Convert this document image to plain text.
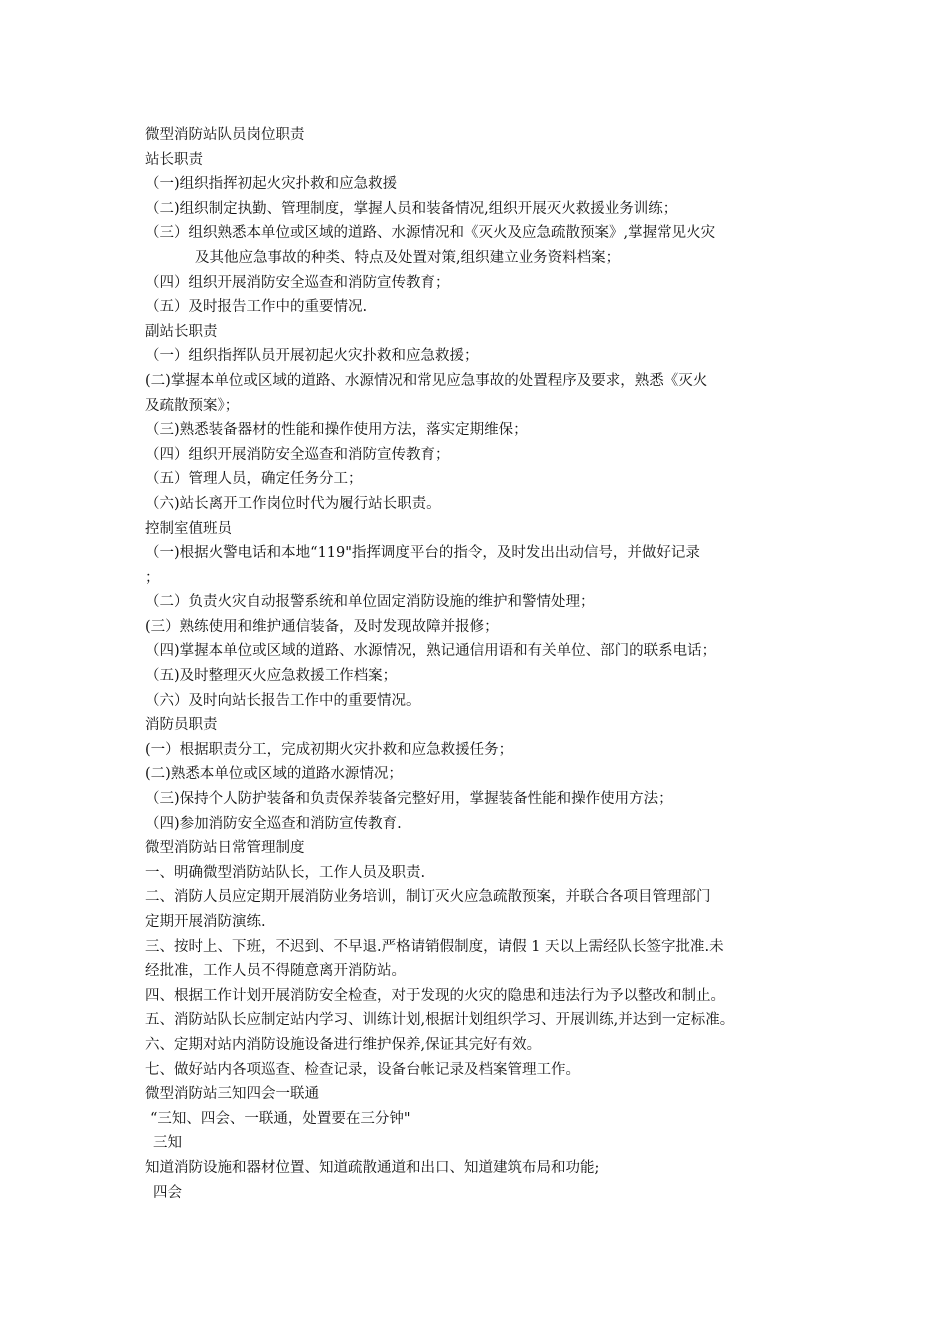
微型消防站队员岗位职责
站长职责
（一)组织指挥初起火灾扑救和应急救援
（二)组织制定执勤、管理制度，掌握人员和装备情况,组织开展灭火救援业务训练；
（三）组织熟悉本单位或区域的道路、水源情况和《灭火及应急疏散预案》,掌握常见火灾
及其他应急事故的种类、特点及处置对策,组织建立业务资料档案；
（四）组织开展消防安全巡查和消防宣传教育；
（五）及时报告工作中的重要情况.
副站长职责
（一）组织指挥队员开展初起火灾扑救和应急救援；
(二)掌握本单位或区域的道路、水源情况和常见应急事故的处置程序及要求，熟悉《灭火
及疏散预案》；
（三)熟悉装备器材的性能和操作使用方法，落实定期维保；
（四）组织开展消防安全巡查和消防宣传教育；
（五）管理人员，确定任务分工；
（六)站长离开工作岗位时代为履行站长职责。
控制室值班员
（一)根据火警电话和本地“119"指挥调度平台的指令，及时发出出动信号，并做好记录
；
（二）负责火灾自动报警系统和单位固定消防设施的维护和警情处理；
(三）熟练使用和维护通信装备，及时发现故障并报修；
（四)掌握本单位或区域的道路、水源情况，熟记通信用语和有关单位、部门的联系电话；
（五)及时整理灭火应急救援工作档案；
（六）及时向站长报告工作中的重要情况。
消防员职责
(一）根据职责分工，完成初期火灾扑救和应急救援任务；
(二)熟悉本单位或区域的道路水源情况；
（三)保持个人防护装备和负责保养装备完整好用，掌握装备性能和操作使用方法；
（四)参加消防安全巡查和消防宣传教育.
微型消防站日常管理制度
一、明确微型消防站队长，工作人员及职责.
二、消防人员应定期开展消防业务培训，制订灭火应急疏散预案，并联合各项目管理部门
定期开展消防演练.
三、按时上、下班，不迟到、不早退.严格请销假制度，请假 1 天以上需经队长签字批准.未
经批准，工作人员不得随意离开消防站。
四、根据工作计划开展消防安全检查，对于发现的火灾的隐患和违法行为予以整改和制止。
五、消防站队长应制定站内学习、训练计划,根据计划组织学习、开展训练,并达到一定标准。
六、定期对站内消防设施设备进行维护保养,保证其完好有效。
七、做好站内各项巡查、检查记录，设备台帐记录及档案管理工作。
微型消防站三知四会一联通
“三知、四会、一联通，处置要在三分钟"
三知
知道消防设施和器材位置、知道疏散通道和出口、知道建筑布局和功能;
四会
